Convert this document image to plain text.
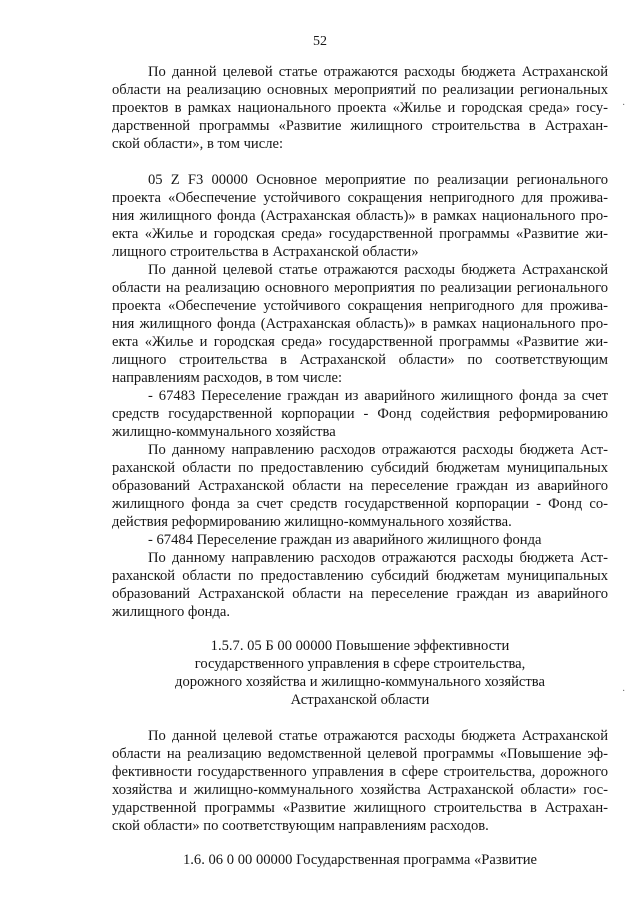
52
По данной целевой статье отражаются расходы бюджета Астраханской
области на реализацию основных мероприятий по реализации региональных
проектов в рамках национального проекта «Жилье и городская среда» госу-
дарственной программы «Развитие жилищного строительства в Астрахан-
ской области», в том числе:
05 Z F3 00000 Основное мероприятие по реализации регионального
проекта «Обеспечение устойчивого сокращения непригодного для прожива-
ния жилищного фонда (Астраханская область)» в рамках национального про-
екта «Жилье и городская среда» государственной программы «Развитие жи-
лищного строительства в Астраханской области»
По данной целевой статье отражаются расходы бюджета Астраханской
области на реализацию основного мероприятия по реализации регионального
проекта «Обеспечение устойчивого сокращения непригодного для прожива-
ния жилищного фонда (Астраханская область)» в рамках национального про-
екта «Жилье и городская среда» государственной программы «Развитие жи-
лищного строительства в Астраханской области» по соответствующим
направлениям расходов, в том числе:
- 67483 Переселение граждан из аварийного жилищного фонда за счет
средств государственной корпорации - Фонд содействия реформированию
жилищно-коммунального хозяйства
По данному направлению расходов отражаются расходы бюджета Аст-
раханской области по предоставлению субсидий бюджетам муниципальных
образований Астраханской области на переселение граждан из аварийного
жилищного фонда за счет средств государственной корпорации - Фонд со-
действия реформированию жилищно-коммунального хозяйства.
- 67484 Переселение граждан из аварийного жилищного фонда
По данному направлению расходов отражаются расходы бюджета Аст-
раханской области по предоставлению субсидий бюджетам муниципальных
образований Астраханской области на переселение граждан из аварийного
жилищного фонда.
1.5.7. 05 Б 00 00000 Повышение эффективности
государственного управления в сфере строительства,
дорожного хозяйства и жилищно-коммунального хозяйства
Астраханской области
По данной целевой статье отражаются расходы бюджета Астраханской
области на реализацию ведомственной целевой программы «Повышение эф-
фективности государственного управления в сфере строительства, дорожного
хозяйства и жилищно-коммунального хозяйства Астраханской области» гос-
ударственной программы «Развитие жилищного строительства в Астрахан-
ской области» по соответствующим направлениям расходов.
1.6. 06 0 00 00000 Государственная программа «Развитие
·
·
